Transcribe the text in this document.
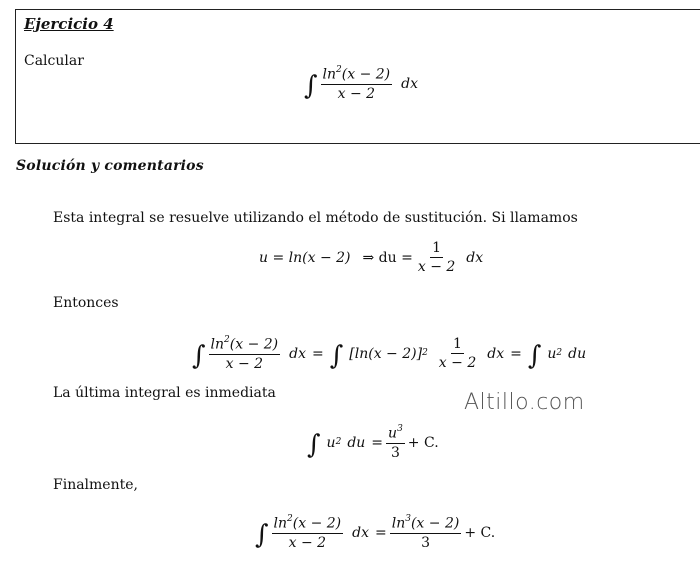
Ejercicio 4
Calcular
∫ $\frac{\ln^2(x - 2)}{x - 2}$ dx
Solución y comentarios
Esta integral se resuelve utilizando el método de sustitución. Si llamamos
u = ln(x − 2) ⇒ du = $\frac{1}{x - 2}$ dx
Entonces
∫ $\frac{\ln^2(x - 2)}{x - 2}$ dx = ∫ $[\ln(x - 2)]^2 \frac{1}{x - 2}$ dx = ∫ $u^2$ du
La última integral es inmediata	Altillo.com
∫ $u^2$ du = $\frac{u^3}{3} + C$.
Finalmente,
∫ $\frac{\ln^2(x - 2)}{x - 2}$ dx = $\frac{\ln^3(x - 2)}{3} + C$.
